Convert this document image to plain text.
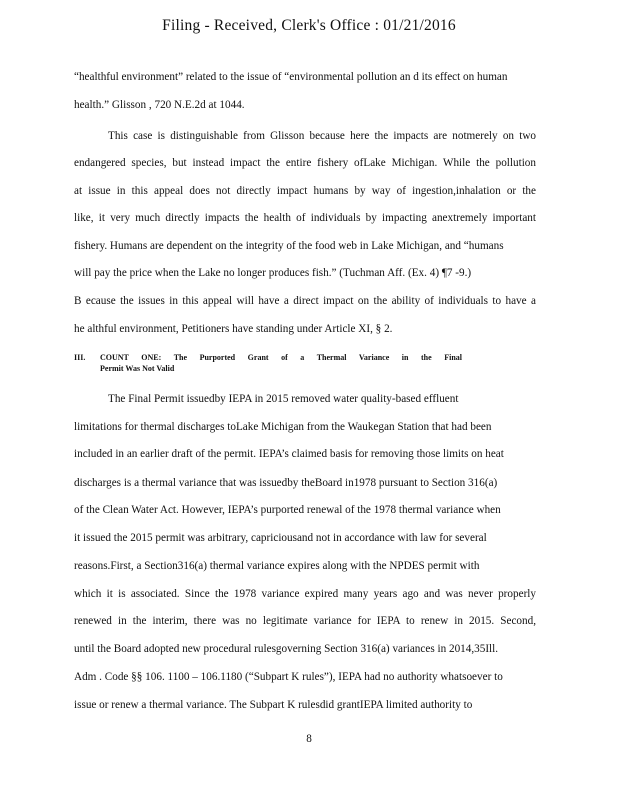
Filing - Received, Clerk's Office : 01/21/2016
“healthful environment” related to the issue of “environmental pollution an d its effect on human
health.” Glisson , 720 N.E.2d at 1044.
This case is distinguishable from Glisson because here the impacts are notmerely on two
endangered species, but instead impact the entire fishery ofLake Michigan. While the pollution
at issue in this appeal does not directly impact humans by way of ingestion,inhalation or the
like, it very much directly impacts the health of individuals by impacting anextremely important
fishery. Humans are dependent on the integrity of the food web in Lake Michigan, and “humans
will pay the price when the Lake no longer produces fish.” (Tuchman Aff. (Ex. 4) ¶7 -9.)
B ecause the issues in this appeal will have a direct impact on the ability of individuals to have a
he althful environment, Petitioners have standing under Article XI, § 2.
III. COUNT ONE: The Purported Grant of a Thermal Variance in the Final
Permit Was Not Valid
The Final Permit issuedby IEPA in 2015 removed water quality-based effluent
limitations for thermal discharges toLake Michigan from the Waukegan Station that had been
included in an earlier draft of the permit. IEPA’s claimed basis for removing those limits on heat
discharges is a thermal variance that was issuedby theBoard in1978 pursuant to Section 316(a)
of the Clean Water Act. However, IEPA’s purported renewal of the 1978 thermal variance when
it issued the 2015 permit was arbitrary, capriciousand not in accordance with law for several
reasons.First, a Section316(a) thermal variance expires along with the NPDES permit with
which it is associated. Since the 1978 variance expired many years ago and was never properly
renewed in the interim, there was no legitimate variance for IEPA to renew in 2015. Second,
until the Board adopted new procedural rulesgoverning Section 316(a) variances in 2014,35Ill.
Adm . Code §§ 106. 1100 – 106.1180 (“Subpart K rules”), IEPA had no authority whatsoever to
issue or renew a thermal variance. The Subpart K rulesdid grantIEPA limited authority to
8
